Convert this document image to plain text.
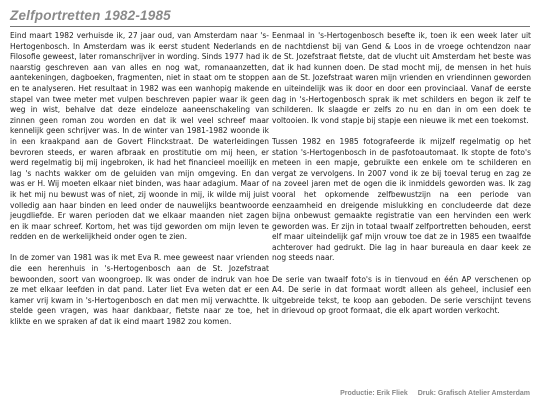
Zelfportretten 1982-1985

Eind maart 1982 verhuisde ik, 27 jaar oud, van Amsterdam naar 's-Hertogenbosch. In Amsterdam was ik eerst student Nederlands en Filosofie geweest, later romanschrijver in wording. Sinds 1977 had ik naarstig geschreven aan van alles en nog wat, romanaanzetten, aantekeningen, dagboeken, fragmenten, niet in staat om te stoppen en te analyseren. Het resultaat in 1982 was een wanhopig makende stapel van twee meter met vulpen beschreven papier waar ik geen weg in wist, behalve dat deze eindeloze aaneenschakeling van zinnen geen roman zou worden en dat ik wel veel schreef maar kennelijk geen schrijver was. In de winter van 1981-1982 woonde ik in een kraakpand aan de Govert Flinckstraat. De waterleidingen bevroren steeds, er waren afbraak en prostitutie om mij heen, er werd regelmatig bij mij ingebroken, ik had het financieel moeilijk en lag 's nachts wakker om de geluiden van mijn omgeving. En dan was er H. Wij moeten elkaar niet binden, was haar adagium. Maar of ik het mij nu bewust was of niet, zij woonde in mij, ik wilde mij juist volledig aan haar binden en leed onder de nauwelijks beantwoorde jeugdliefde. Er waren perioden dat we elkaar maanden niet zagen en ik maar schreef. Kortom, het was tijd geworden om mijn leven te redden en de werkelijkheid onder ogen te zien.

In de zomer van 1981 was ik met Eva R. mee geweest naar vrienden die een herenhuis in 's-Hertogenbosch aan de St. Jozefstraat bewoonden, soort van woongroep. Ik was onder de indruk van hoe ze met elkaar leefden in dat pand. Later liet Eva weten dat er een kamer vrij kwam in 's-Hertogenbosch en dat men mij verwachtte. Ik stelde geen vragen, was haar dankbaar, fietste naar ze toe, het klikte en we spraken af dat ik eind maart 1982 zou komen.

Eenmaal in 's-Hertogenbosch besefte ik, toen ik een week later uit de nachtdienst bij van Gend & Loos in de vroege ochtendzon naar de St. Jozefstraat fietste, dat de vlucht uit Amsterdam het beste was dat ik had kunnen doen. De stad mocht mij, de mensen in het huis aan de St. Jozefstraat waren mijn vrienden en vriendinnen geworden en uiteindelijk was ik door en door een provinciaal. Vanaf de eerste dag in 's-Hertogenbosch sprak ik met schilders en begon ik zelf te schilderen. Ik slaagde er zelfs zo nu en dan in om een doek te voltooien. Ik vond stapje bij stapje een nieuwe ik met een toekomst.

Tussen 1982 en 1985 fotografeerde ik mijzelf regelmatig op het station 's-Hertogenbosch in de pasfotoautomaat. Ik stopte de foto's meteen in een mapje, gebruikte een enkele om te schilderen en vergat ze vervolgens. In 2007 vond ik ze bij toeval terug en zag ze na zoveel jaren met de ogen die ik inmiddels geworden was. Ik zag vooral het opkomende zelfbewustzijn na een periode van eenzaamheid en dreigende mislukking en concludeerde dat deze bijna onbewust gemaakte registratie van een hervinden een werk geworden was. Er zijn in totaal twaalf zelfportretten behouden, eerst elf maar uiteindelijk gaf mijn vrouw toe dat ze in 1985 een twaalfde achterover had gedrukt. Die lag in haar bureaula en daar keek ze nog steeds naar.

De serie van twaalf foto's is in tienvoud en één AP verschenen op A4. De serie in dat formaat wordt alleen als geheel, inclusief een uitgebreide tekst, te koop aan geboden. De serie verschijnt tevens in drievoud op groot formaat, die elk apart worden verkocht.

Productie: Erik Fliek Druk: Grafisch Atelier Amsterdam
